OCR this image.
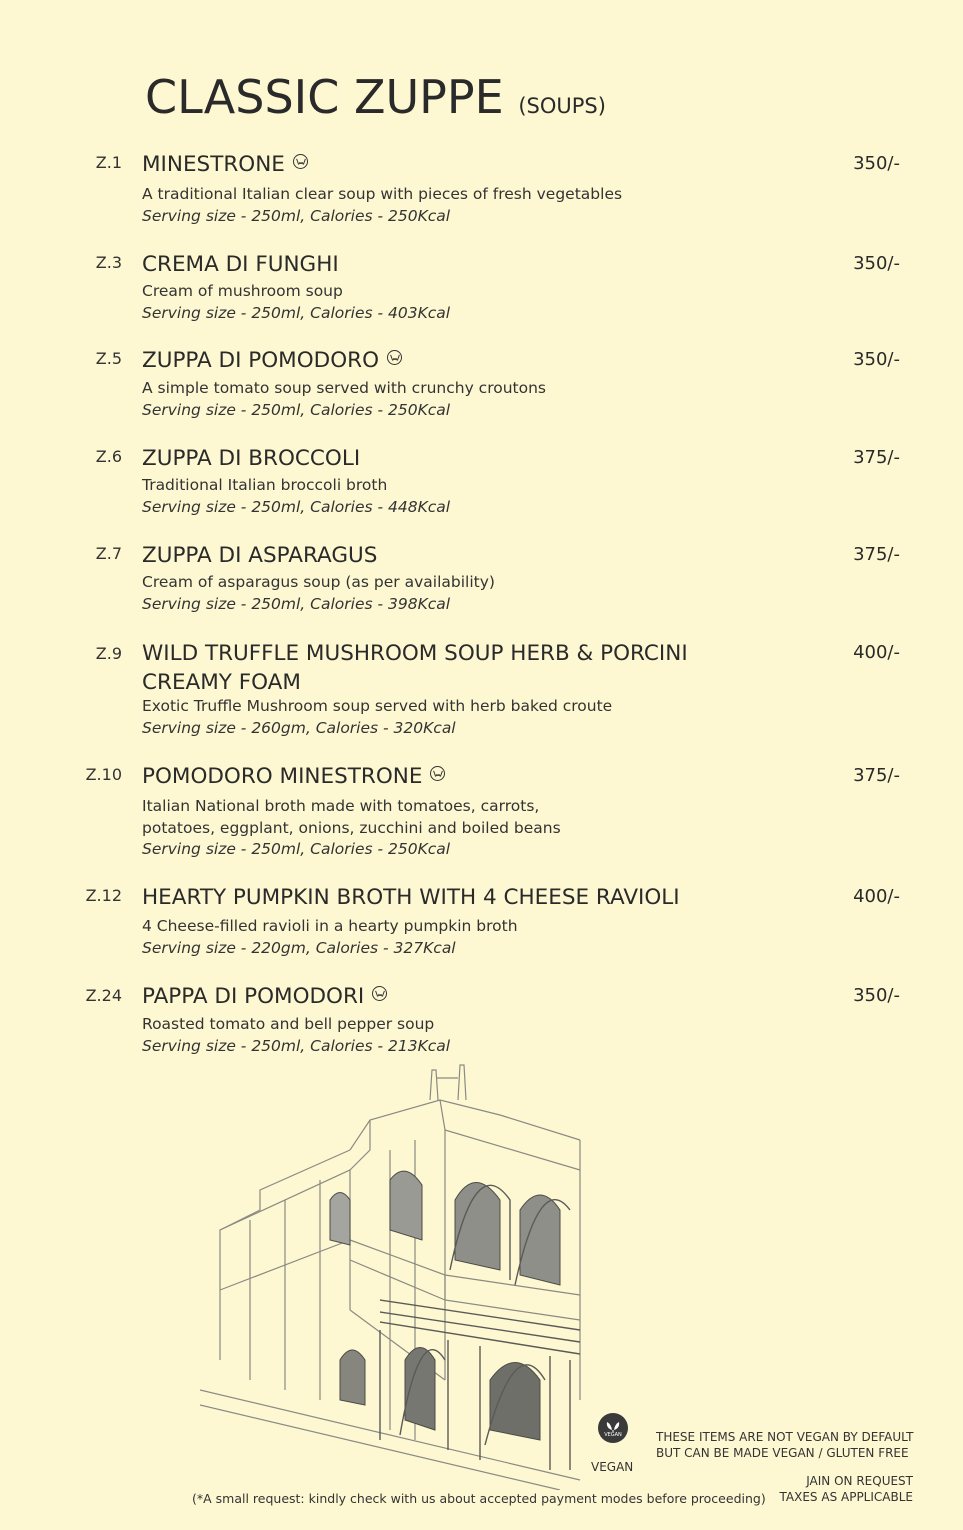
CLASSIC ZUPPE (SOUPS)
Z.1 MINESTRONE	350/-
A traditional Italian clear soup with pieces of fresh vegetables
Serving size - 250ml, Calories - 250Kcal
Z.3 CREMA DI FUNGHI	350/-
Cream of mushroom soup
Serving size - 250ml, Calories - 403Kcal
Z.5 ZUPPA DI POMODORO	350/-
A simple tomato soup served with crunchy croutons
Serving size - 250ml, Calories - 250Kcal
Z.6 ZUPPA DI BROCCOLI	375/-
Traditional Italian broccoli broth
Serving size - 250ml, Calories - 448Kcal
Z.7 ZUPPA DI ASPARAGUS	375/-
Cream of asparagus soup (as per availability)
Serving size - 250ml, Calories - 398Kcal
Z.9 WILD TRUFFLE MUSHROOM SOUP HERB & PORCINI CREAMY FOAM
400/-
Exotic Truffle Mushroom soup served with herb baked croute
Serving size - 260gm, Calories - 320Kcal
Z.10 POMODORO MINESTRONE	375/-
Italian National broth made with tomatoes, carrots,
potatoes, eggplant, onions, zucchini and boiled beans
Serving size - 250ml, Calories - 250Kcal
Z.12 HEARTY PUMPKIN BROTH WITH 4 CHEESE RAVIOLI	400/-
4 Cheese-filled ravioli in a hearty pumpkin broth
Serving size - 220gm, Calories - 327Kcal
Z.24 PAPPA DI POMODORI	350/-
Roasted tomato and bell pepper soup
Serving size - 250ml, Calories - 213Kcal
VEGAN
VEGAN
THESE ITEMS ARE NOT VEGAN BY DEFAULT
BUT CAN BE MADE VEGAN / GLUTEN FREE
JAIN ON REQUEST
TAXES AS APPLICABLE
(*A small request: kindly check with us about accepted payment modes before proceeding)
